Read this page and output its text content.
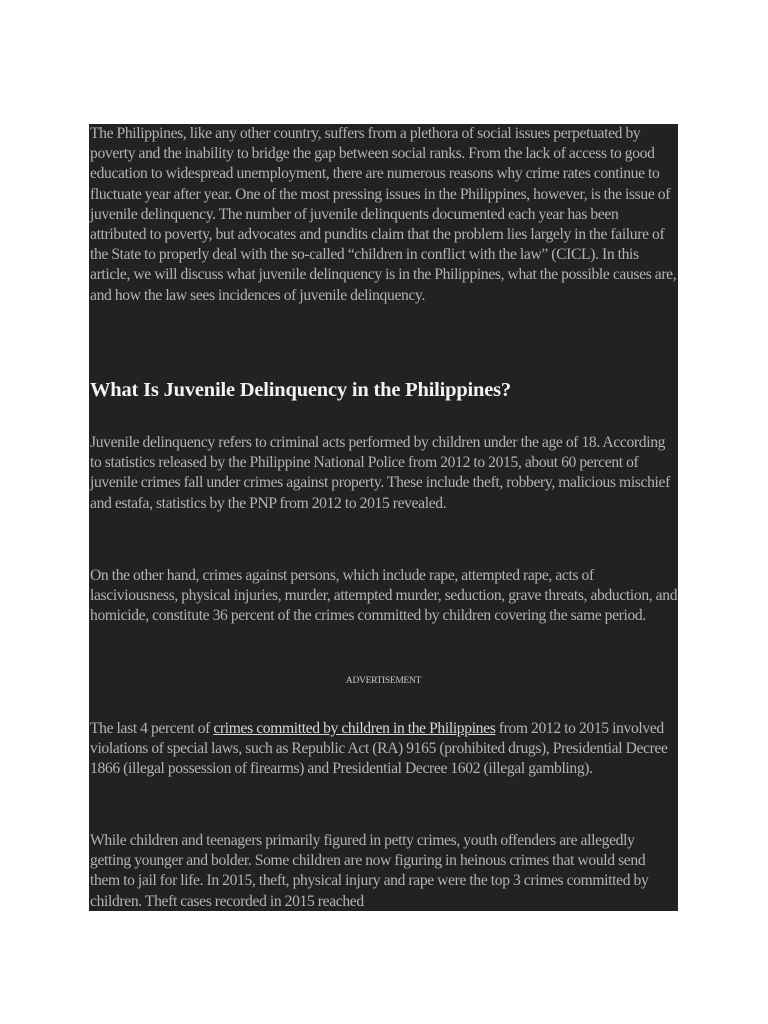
The Philippines, like any other country, suffers from a plethora of social issues perpetuated by poverty and the inability to bridge the gap between social ranks. From the lack of access to good education to widespread unemployment, there are numerous reasons why crime rates continue to fluctuate year after year. One of the most pressing issues in the Philippines, however, is the issue of juvenile delinquency. The number of juvenile delinquents documented each year has been attributed to poverty, but advocates and pundits claim that the problem lies largely in the failure of the State to properly deal with the so-called “children in conflict with the law” (CICL). In this article, we will discuss what juvenile delinquency is in the Philippines, what the possible causes are, and how the law sees incidences of juvenile delinquency.

What Is Juvenile Delinquency in the Philippines?

Juvenile delinquency refers to criminal acts performed by children under the age of 18. According to statistics released by the Philippine National Police from 2012 to 2015, about 60 percent of juvenile crimes fall under crimes against property. These include theft, robbery, malicious mischief and estafa, statistics by the PNP from 2012 to 2015 revealed.

On the other hand, crimes against persons, which include rape, attempted rape, acts of lasciviousness, physical injuries, murder, attempted murder, seduction, grave threats, abduction, and homicide, constitute 36 percent of the crimes committed by children covering the same period.

ADVERTISEMENT

The last 4 percent of crimes committed by children in the Philippines from 2012 to 2015 involved violations of special laws, such as Republic Act (RA) 9165 (prohibited drugs), Presidential Decree 1866 (illegal possession of firearms) and Presidential Decree 1602 (illegal gambling).

While children and teenagers primarily figured in petty crimes, youth offenders are allegedly getting younger and bolder. Some children are now figuring in heinous crimes that would send them to jail for life. In 2015, theft, physical injury and rape were the top 3 crimes committed by children. Theft cases recorded in 2015 reached
